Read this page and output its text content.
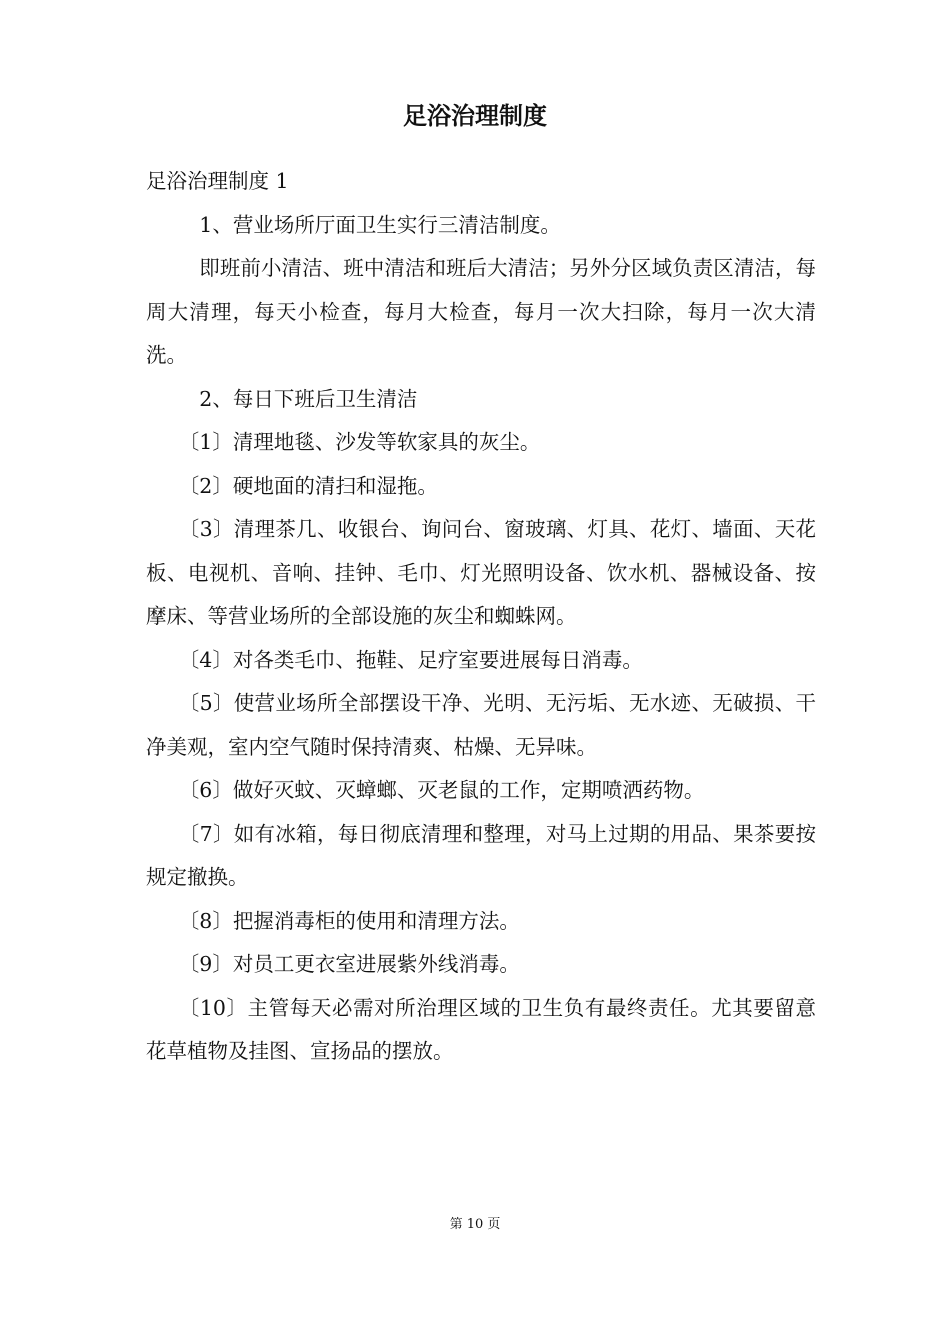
足浴治理制度

足浴治理制度 1

1、营业场所厅面卫生实行三清洁制度。

即班前小清洁、班中清洁和班后大清洁；另外分区域负责区清洁，每周大清理，每天小检查，每月大检查，每月一次大扫除，每月一次大清洗。

2、每日下班后卫生清洁

〔1〕清理地毯、沙发等软家具的灰尘。

〔2〕硬地面的清扫和湿拖。

〔3〕清理茶几、收银台、询问台、窗玻璃、灯具、花灯、墙面、天花板、电视机、音响、挂钟、毛巾、灯光照明设备、饮水机、器械设备、按摩床、等营业场所的全部设施的灰尘和蜘蛛网。

〔4〕对各类毛巾、拖鞋、足疗室要进展每日消毒。

〔5〕使营业场所全部摆设干净、光明、无污垢、无水迹、无破损、干净美观，室内空气随时保持清爽、枯燥、无异味。

〔6〕做好灭蚊、灭蟑螂、灭老鼠的工作，定期喷洒药物。

〔7〕如有冰箱，每日彻底清理和整理，对马上过期的用品、果茶要按规定撤换。

〔8〕把握消毒柜的使用和清理方法。

〔9〕对员工更衣室进展紫外线消毒。

〔10〕主管每天必需对所治理区域的卫生负有最终责任。尤其要留意花草植物及挂图、宣扬品的摆放。

第 10 页
